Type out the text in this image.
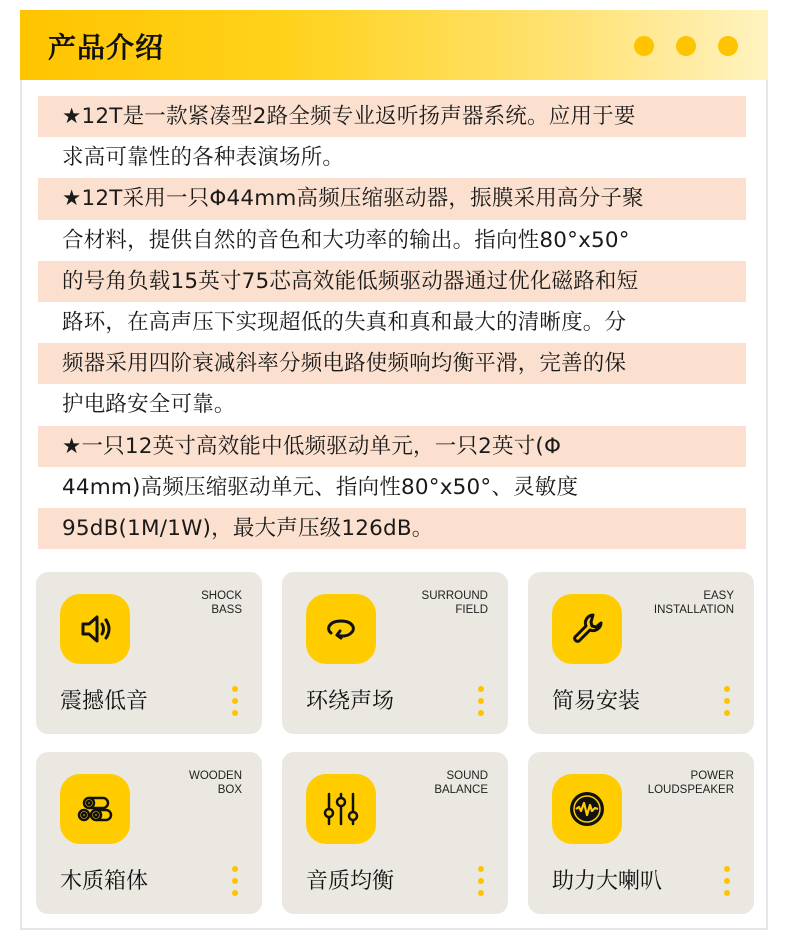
产品介绍
★12T是一款紧凑型2路全频专业返听扬声器系统。应用于要
求高可靠性的各种表演场所。
★12T采用一只Φ44mm高频压缩驱动器，振膜采用高分子聚
合材料，提供自然的音色和大功率的输出。指向性80°x50°
的号角负载15英寸75芯高效能低频驱动器通过优化磁路和短
路环，在高声压下实现超低的失真和真和最大的清晰度。分
频器采用四阶衰减斜率分频电路使频响均衡平滑，完善的保
护电路安全可靠。
★一只12英寸高效能中低频驱动单元，一只2英寸(Φ
44mm)高频压缩驱动单元、指向性80°x50°、灵敏度
95dB(1M/1W)，最大声压级126dB。
SHOCK
BASS
震撼低音
SURROUND
FIELD
环绕声场
EASY
INSTALLATION
简易安装
WOODEN
BOX
木质箱体
SOUND
BALANCE
音质均衡
POWER
LOUDSPEAKER
助力大喇叭
